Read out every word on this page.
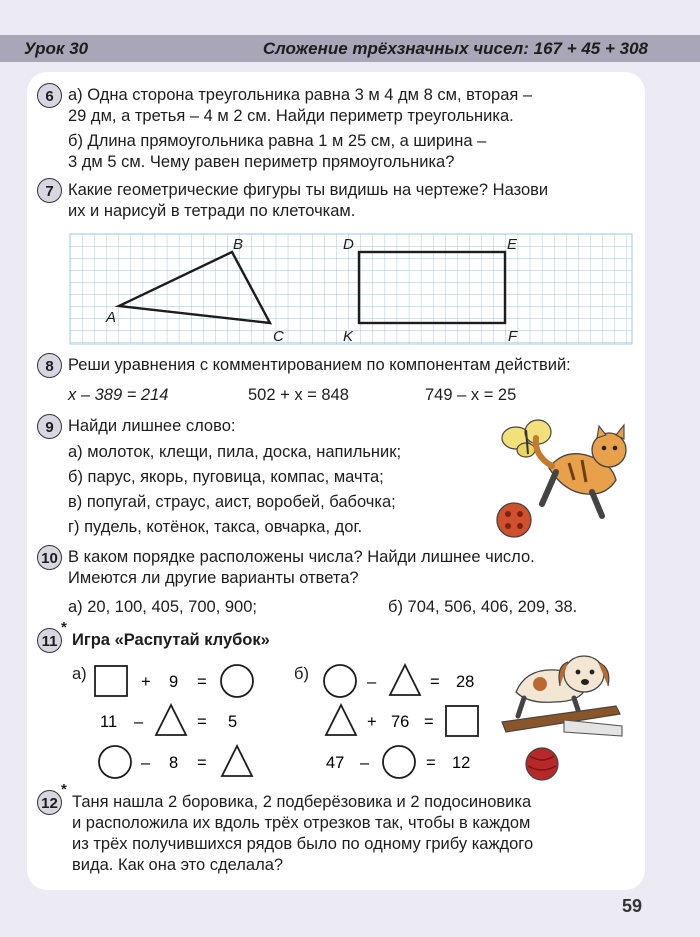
Урок 30	Сложение трёхзначных чисел: 167 + 45 + 308
6 а) Одна сторона треугольника равна 3 м 4 дм 8 см, вторая –
29 дм, а третья – 4 м 2 см. Найди периметр треугольника.
б) Длина прямоугольника равна 1 м 25 см, а ширина –
3 дм 5 см. Чему равен периметр прямоугольника?
7 Какие геометрические фигуры ты видишь на чертеже? Назови
их и нарисуй в тетради по клеточкам.
A
B
C
D	E
K	F
8 Реши уравнения с комментированием по компонентам действий:
x – 389 = 214	502 + x = 848	749 – x = 25
9 Найди лишнее слово:
а) молоток, клещи, пила, доска, напильник;
б) парус, якорь, пуговица, компас, мачта;
в) попугай, страус, аист, воробей, бабочка;
г) пудель, котёнок, такса, овчарка, дог.
10 В каком порядке расположены числа? Найди лишнее число.
Имеются ли другие варианты ответа?
а) 20, 100, 405, 700, 900;	б) 704, 506, 406, 209, 38.
11
*
Игра «Распутай клубок»
а)	б)
+ 9 =
11 –	= 5
– 8 =
–	= 28
+ 76 =
47 –	= 12
12
*
Таня нашла 2 боровика, 2 подберёзовика и 2 подосиновика
и расположила их вдоль трёх отрезков так, чтобы в каждом
из трёх получившихся рядов было по одному грибу каждого
вида. Как она это сделала?
59
